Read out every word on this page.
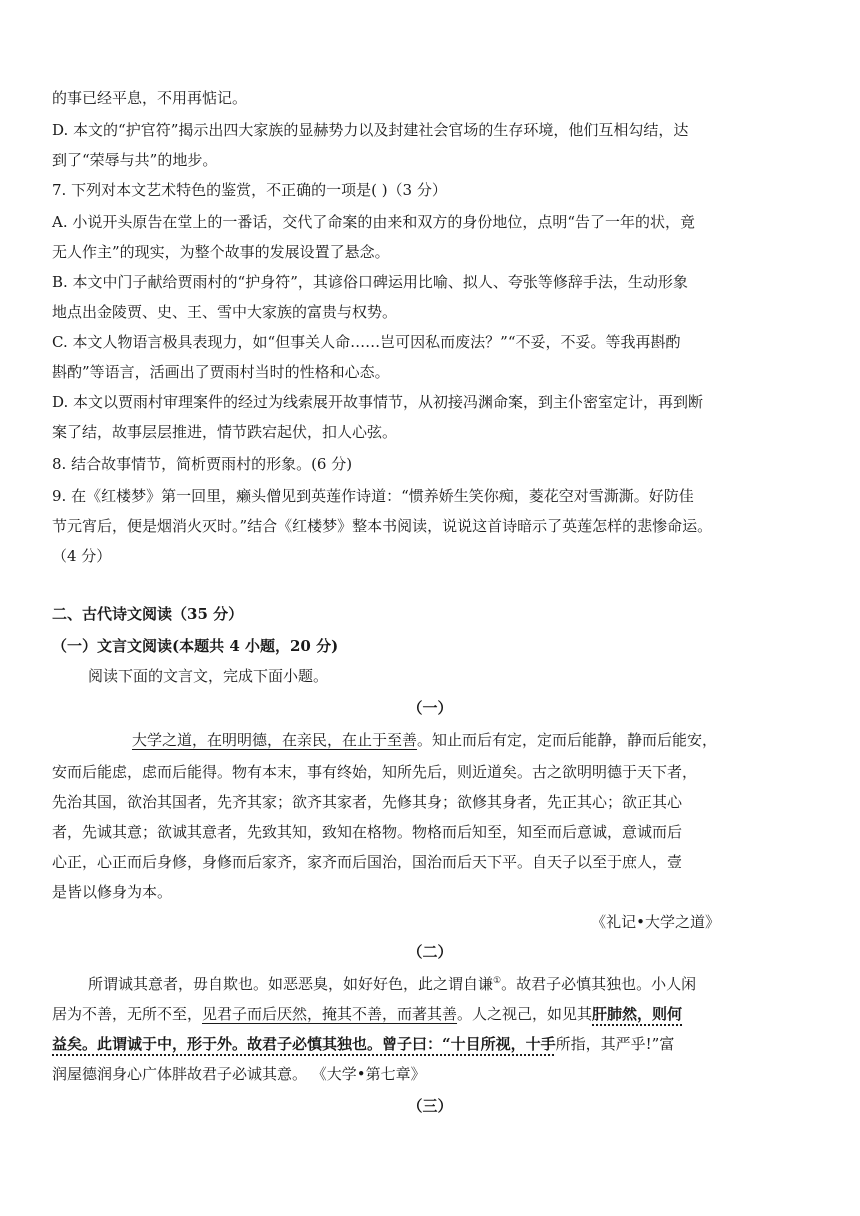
的事已经平息，不用再惦记。
D. 本文的“护官符”揭示出四大家族的显赫势力以及封建社会官场的生存环境，他们互相勾结，达
到了“荣辱与共”的地步。
7. 下列对本文艺术特色的鉴赏，不正确的一项是( )（3 分）
A. 小说开头原告在堂上的一番话，交代了命案的由来和双方的身份地位，点明“告了一年的状，竟
无人作主”的现实，为整个故事的发展设置了悬念。
B. 本文中门子献给贾雨村的“护身符”，其谚俗口碑运用比喻、拟人、夸张等修辞手法，生动形象
地点出金陵贾、史、王、雪中大家族的富贵与权势。
C. 本文人物语言极具表现力，如“但事关人命……岂可因私而废法？”“不妥，不妥。等我再斟酌
斟酌”等语言，活画出了贾雨村当时的性格和心态。
D. 本文以贾雨村审理案件的经过为线索展开故事情节，从初接冯渊命案，到主仆密室定计，再到断
案了结，故事层层推进，情节跌宕起伏，扣人心弦。
8. 结合故事情节，简析贾雨村的形象。(6 分)
9. 在《红楼梦》第一回里，癞头僧见到英莲作诗道：“惯养娇生笑你痴，菱花空对雪澌澌。好防佳
节元宵后，便是烟消火灭时。”结合《红楼梦》整本书阅读，说说这首诗暗示了英莲怎样的悲惨命运。
（4 分）
二、古代诗文阅读（35 分）
（一）文言文阅读(本题共 4 小题，20 分)
阅读下面的文言文，完成下面小题。
（一）
大学之道，在明明德，在亲民，在止于至善。知止而后有定，定而后能静，静而后能安，
安而后能虑，虑而后能得。物有本末，事有终始，知所先后，则近道矣。古之欲明明德于天下者，
先治其国，欲治其国者，先齐其家；欲齐其家者，先修其身；欲修其身者，先正其心；欲正其心
者，先诚其意；欲诚其意者，先致其知，致知在格物。物格而后知至，知至而后意诚，意诚而后
心正，心正而后身修，身修而后家齐，家齐而后国治，国治而后天下平。自天子以至于庶人，壹
是皆以修身为本。
《礼记•大学之道》
（二）
所谓诚其意者，毋自欺也。如恶恶臭，如好好色，此之谓自谦①。故君子必慎其独也。小人闲
居为不善，无所不至，见君子而后厌然，掩其不善，而著其善。人之视己，如见其肝肺然，则何
益矣。此谓诚于中，形于外。故君子必慎其独也。曾子曰：“十目所视，十手所指，其严乎!”富
润屋德润身心广体胖故君子必诚其意。 《大学•第七章》
（三）
